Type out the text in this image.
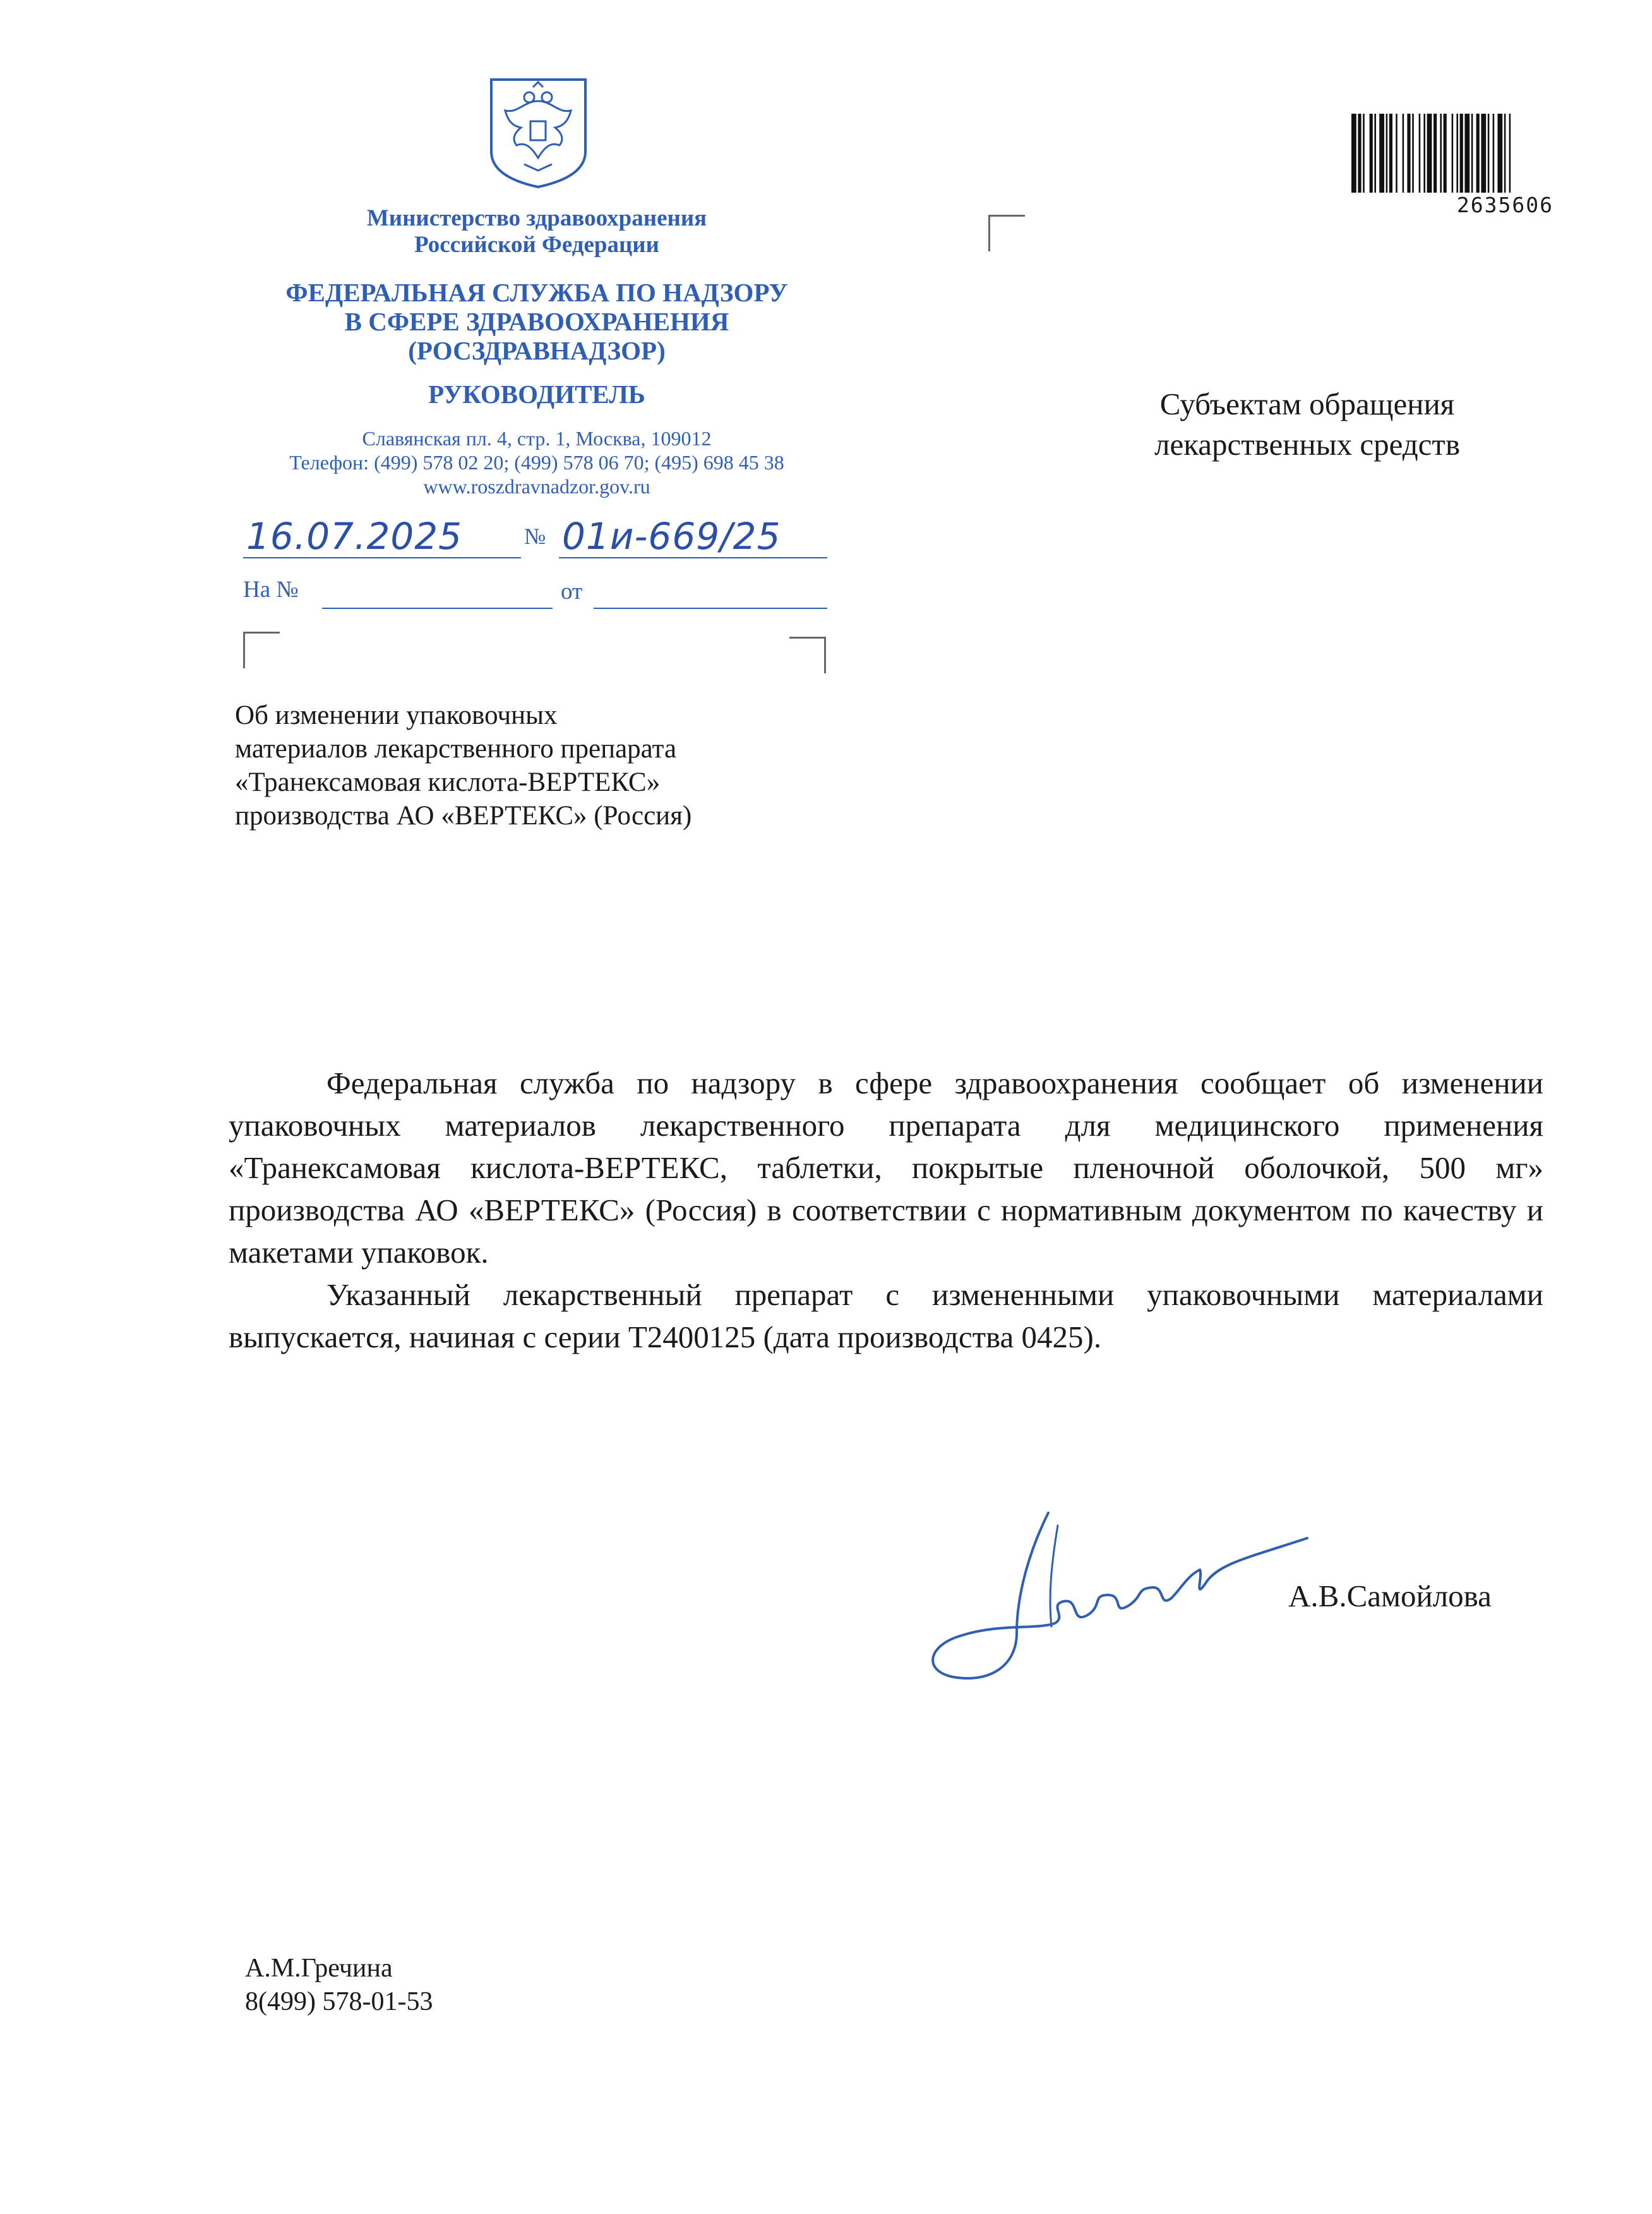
Министерство здравоохранения
Российской Федерации
ФЕДЕРАЛЬНАЯ СЛУЖБА ПО НАДЗОРУ
В СФЕРЕ ЗДРАВООХРАНЕНИЯ
(РОСЗДРАВНАДЗОР)
РУКОВОДИТЕЛЬ
Славянская пл. 4, стр. 1, Москва, 109012
Телефон: (499) 578 02 20; (499) 578 06 70; (495) 698 45 38
www.roszdravnadzor.gov.ru
16.07.2025	№ 01и-669/25
На №	от
2635606
Субъектам обращения
лекарственных средств
Об изменении упаковочных
материалов лекарственного препарата
«Транексамовая кислота-ВЕРТЕКС»
производства АО «ВЕРТЕКС» (Россия)

Федеральная служба по надзору в сфере здравоохранения сообщает об изменении упаковочных материалов лекарственного препарата для медицинского применения «Транексамовая кислота-ВЕРТЕКС, таблетки, покрытые пленочной оболочкой, 500 мг» производства АО «ВЕРТЕКС» (Россия) в соответствии с нормативным документом по качеству и макетами упаковок.

Указанный лекарственный препарат с измененными упаковочными материалами выпускается, начиная с серии Т2400125 (дата производства 0425).

А.В.Самойлова
А.М.Гречина
8(499) 578-01-53
